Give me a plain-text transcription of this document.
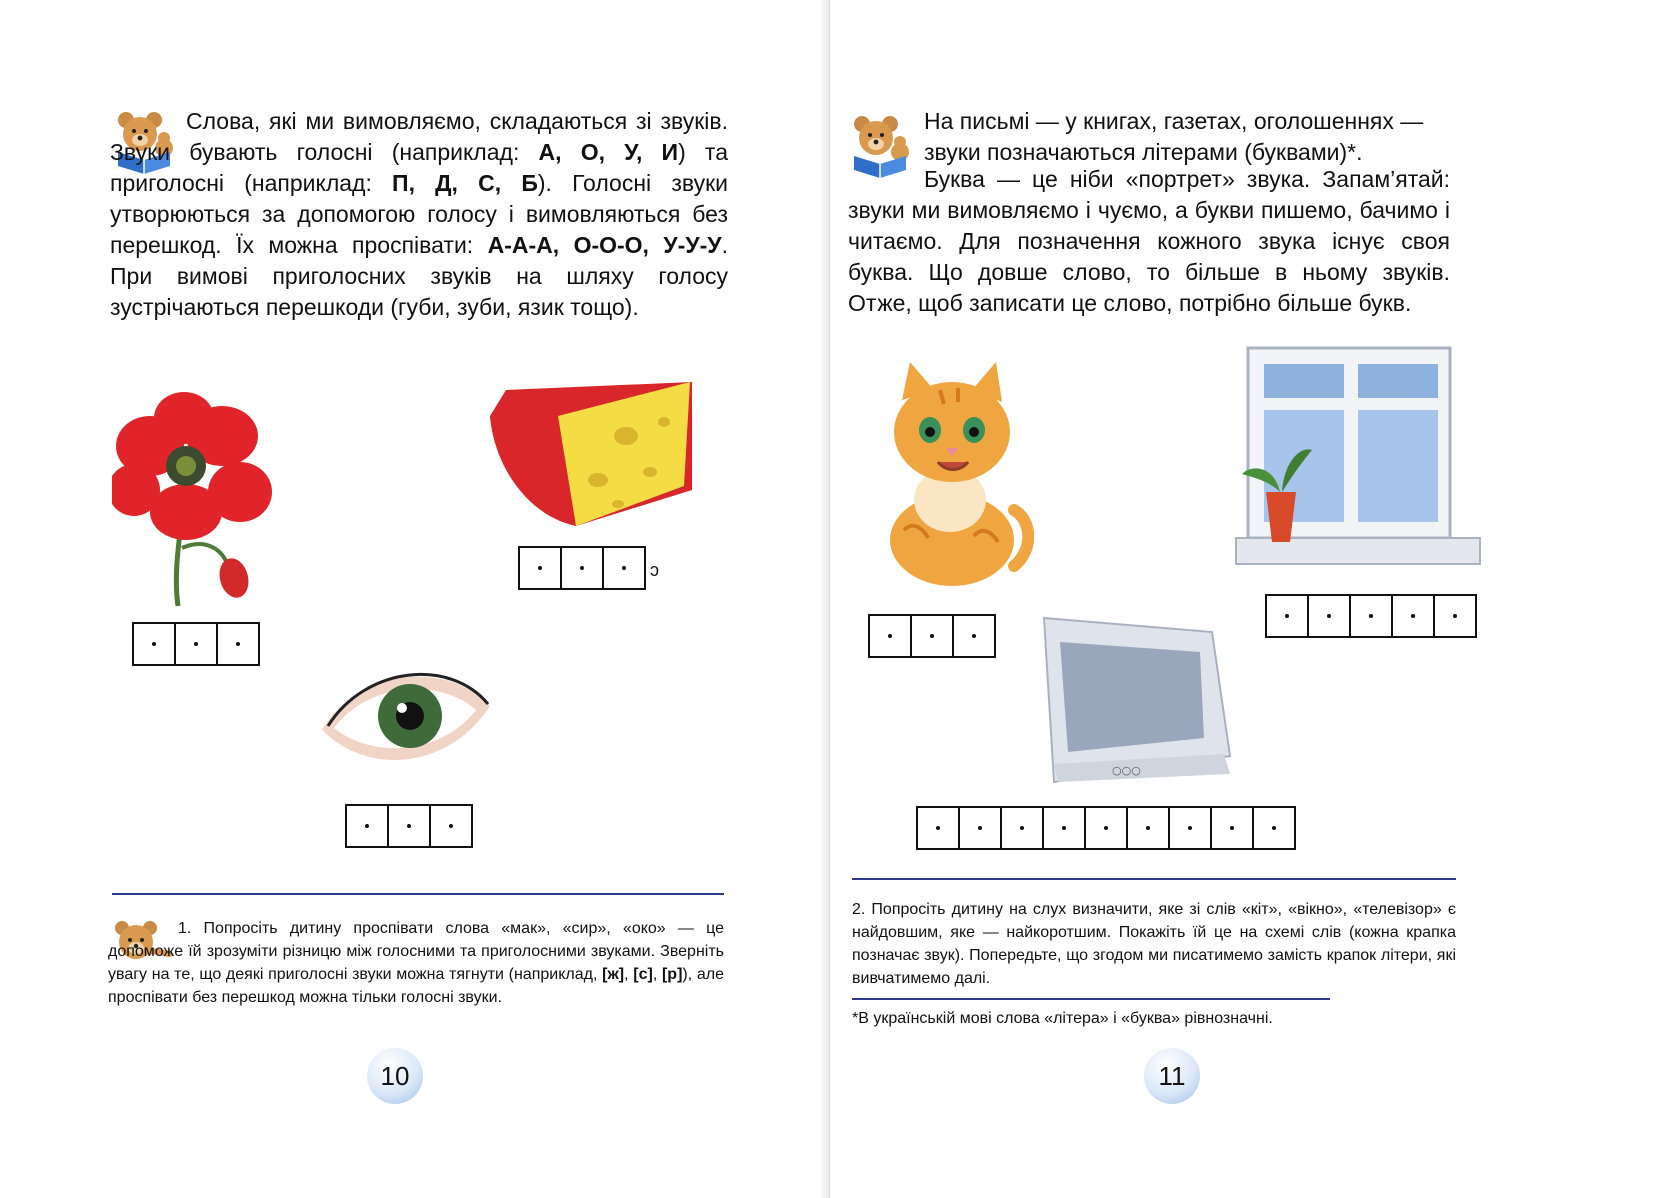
Слова, які ми вимовляємо, складаються зі звуків. Звуки бувають голосні (наприклад: А, О, У, И) та приголосні (наприклад: П, Д, С, Б). Голосні звуки утворюються за допомогою голосу і вимовляються без перешкод. Їх можна проспівати: А-А-А, О-О-О, У-У-У. При вимові приголосних звуків на шляху голосу зустрічаються перешкоди (губи, зуби, язик тощо).

ɔ

1. Попросіть дитину проспівати слова «мак», «сир», «око» — це допоможе їй зрозуміти різницю між голосними та приголосними звуками. Зверніть увагу на те, що деякі приголосні звуки можна тягнути (наприклад, [ж], [с], [р]), але проспівати без перешкод можна тільки голосні звуки.

10

На письмі — у книгах, газетах, оголошеннях — звуки позначаються літерами (буквами)*.

Буква — це ніби «портрет» звука. Запам’ятай: звуки ми вимовляємо і чуємо, а букви пишемо, бачимо і читаємо. Для позначення кожного звука існує своя буква. Що довше слово, то більше в ньому звуків. Отже, щоб записати це слово, потрібно більше букв.

○○○

2. Попросіть дитину на слух визначити, яке зі слів «кіт», «вікно», «телевізор» є найдовшим, яке — найкоротшим. Покажіть їй це на схемі слів (кожна крапка позначає звук). Попередьте, що згодом ми писатимемо замість крапок літери, які вивчатимемо далі.

*В українській мові слова «літера» і «буква» рівнозначні.

11
